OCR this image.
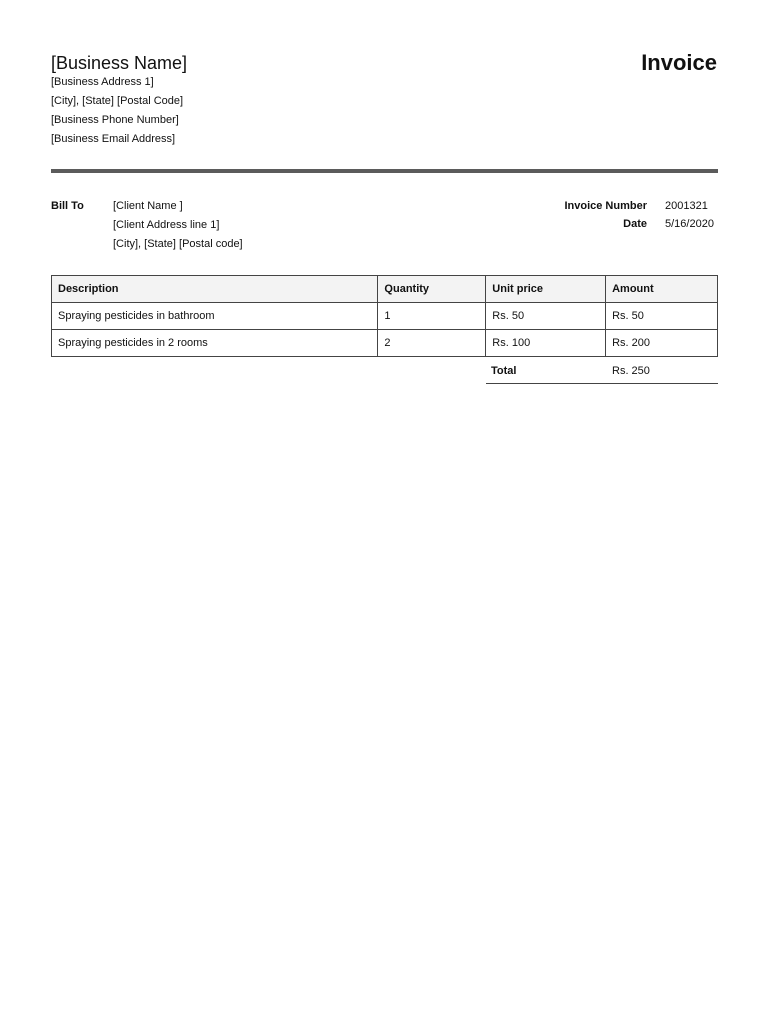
[Business Name]
[Business Address 1]
[City], [State] [Postal Code]
[Business Phone Number]
[Business Email Address]
Invoice
Bill To	[Client Name ]
[Client Address line 1]
[City], [State] [Postal code]
Invoice Number	2001321
Date	5/16/2020
Description	Quantity	Unit price	Amount
Spraying pesticides in bathroom	1	Rs. 50	Rs. 50
Spraying pesticides in 2 rooms	2	Rs. 100	Rs. 200
Total	Rs. 250
